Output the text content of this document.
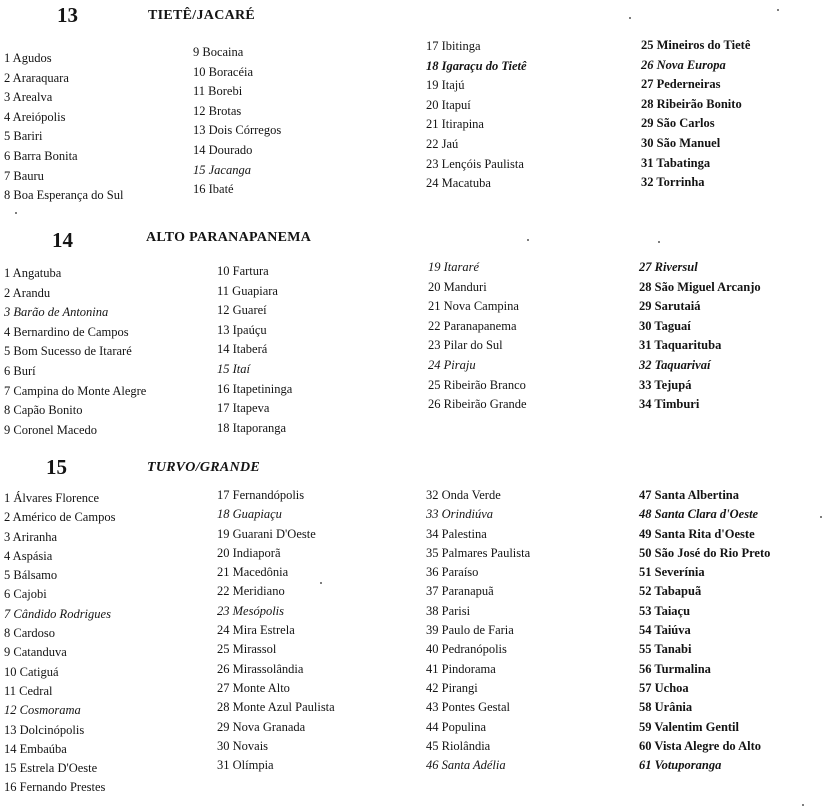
13	TIETÊ/JACARÉ
1 Agudos
2 Araraquara
3 Arealva
4 Areiópolis
5 Bariri
6 Barra Bonita
7 Bauru
8 Boa Esperança do Sul
9 Bocaina
10 Boracéia
11 Borebi
12 Brotas
13 Dois Córregos
14 Dourado
15 Jacanga
16 Ibaté
17 Ibitinga
18 Igaraçu do Tietê
19 Itajú
20 Itapuí
21 Itirapina
22 Jaú
23 Lençóis Paulista
24 Macatuba
25 Mineiros do Tietê
26 Nova Europa
27 Pederneiras
28 Ribeirão Bonito
29 São Carlos
30 São Manuel
31 Tabatinga
32 Torrinha
14	ALTO PARANAPANEMA
1 Angatuba
2 Arandu
3 Barão de Antonina
4 Bernardino de Campos
5 Bom Sucesso de Itararé
6 Burí
7 Campina do Monte Alegre
8 Capão Bonito
9 Coronel Macedo
10 Fartura
11 Guapiara
12 Guareí
13 Ipaúçu
14 Itaberá
15 Itaí
16 Itapetininga
17 Itapeva
18 Itaporanga
19 Itararé
20 Manduri
21 Nova Campina
22 Paranapanema
23 Pilar do Sul
24 Piraju
25 Ribeirão Branco
26 Ribeirão Grande
27 Riversul
28 São Miguel Arcanjo
29 Sarutaiá
30 Taguaí
31 Taquarituba
32 Taquarivaí
33 Tejupá
34 Timburi
15	TURVO/GRANDE
1 Álvares Florence
2 Américo de Campos
3 Ariranha
4 Aspásia
5 Bálsamo
6 Cajobi
7 Cândido Rodrigues
8 Cardoso
9 Catanduva
10 Catiguá
11 Cedral
12 Cosmorama
13 Dolcinópolis
14 Embaúba
15 Estrela D'Oeste
16 Fernando Prestes
17 Fernandópolis
18 Guapiaçu
19 Guarani D'Oeste
20 Indiaporã
21 Macedônia
22 Meridiano
23 Mesópolis
24 Mira Estrela
25 Mirassol
26 Mirassolândia
27 Monte Alto
28 Monte Azul Paulista
29 Nova Granada
30 Novais
31 Olímpia
32 Onda Verde
33 Orindiúva
34 Palestina
35 Palmares Paulista
36 Paraíso
37 Paranapuã
38 Parisi
39 Paulo de Faria
40 Pedranópolis
41 Pindorama
42 Pirangi
43 Pontes Gestal
44 Populina
45 Riolândia
46 Santa Adélia
47 Santa Albertina
48 Santa Clara d'Oeste
49 Santa Rita d'Oeste
50 São José do Rio Preto
51 Severínia
52 Tabapuã
53 Taiaçu
54 Taiúva
55 Tanabi
56 Turmalina
57 Uchoa
58 Urânia
59 Valentim Gentil
60 Vista Alegre do Alto
61 Votuporanga
